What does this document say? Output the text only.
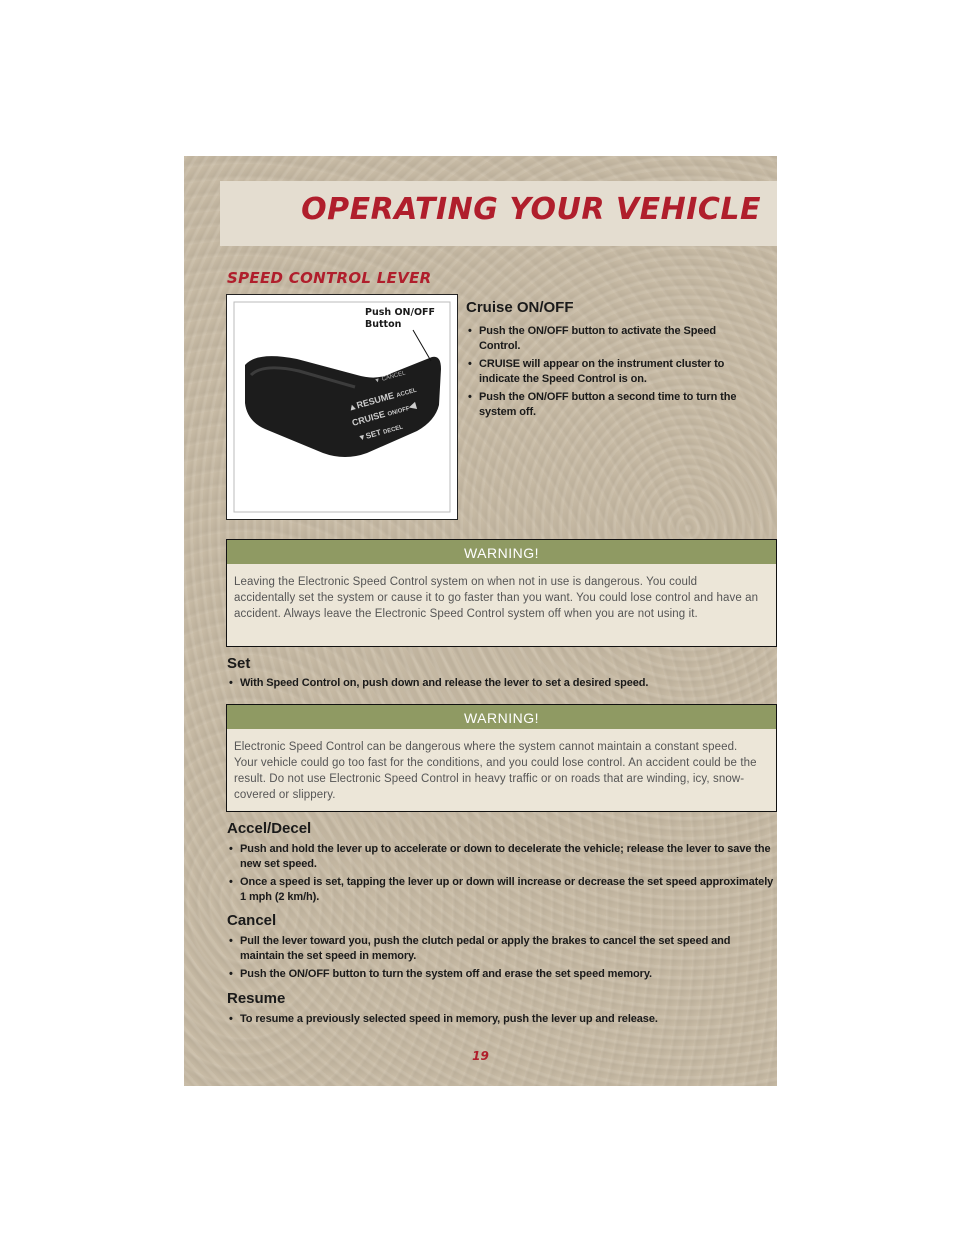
OPERATING YOUR VEHICLE
SPEED CONTROL LEVER
▼ CANCEL
▲RESUME ACCEL
CRUISE ON/OFF◀
▼SET DECEL
Push ON/OFF
Button
Cruise ON/OFF
• Push the ON/OFF button to activate the Speed Control.
• CRUISE will appear on the instrument cluster to indicate the Speed Control is on.
• Push the ON/OFF button a second time to turn the system off.
WARNING!
Leaving the Electronic Speed Control system on when not in use is dangerous. You could accidentally set the system or cause it to go faster than you want. You could lose control and have an accident. Always leave the Electronic Speed Control system off when you are not using it.
Set
• With Speed Control on, push down and release the lever to set a desired speed.
WARNING!
Electronic Speed Control can be dangerous where the system cannot maintain a constant speed. Your vehicle could go too fast for the conditions, and you could lose control. An accident could be the result. Do not use Electronic Speed Control in heavy traffic or on roads that are winding, icy, snow-covered or slippery.
Accel/Decel
• Push and hold the lever up to accelerate or down to decelerate the vehicle; release the lever to save the new set speed.
• Once a speed is set, tapping the lever up or down will increase or decrease the set speed approximately 1 mph (2 km/h).
Cancel
• Pull the lever toward you, push the clutch pedal or apply the brakes to cancel the set speed and maintain the set speed in memory.
• Push the ON/OFF button to turn the system off and erase the set speed memory.
Resume
• To resume a previously selected speed in memory, push the lever up and release.
19
